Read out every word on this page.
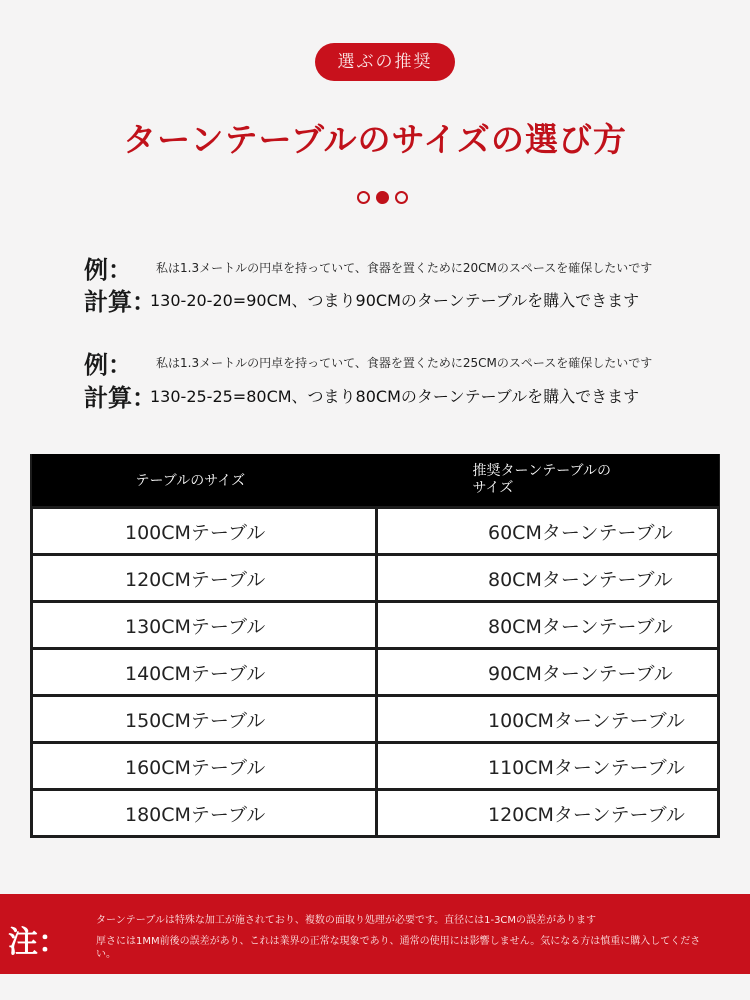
選ぶの推奨
ターンテーブルのサイズの選び方
例：	私は1.3メートルの円卓を持っていて、食器を置くために20CMのスペースを確保したいです
計算：
130-20-20=90CM、つまり90CMのターンテーブルを購入できます
例：	私は1.3メートルの円卓を持っていて、食器を置くために25CMのスペースを確保したいです
計算：
130-25-25=80CM、つまり80CMのターンテーブルを購入できます
テーブルのサイズ	推奨ターンテーブルの
サイズ
100CMテーブル	60CMターンテーブル
120CMテーブル	80CMターンテーブル
130CMテーブル	80CMターンテーブル
140CMテーブル	90CMターンテーブル
150CMテーブル	100CMターンテーブル
160CMテーブル	110CMターンテーブル
180CMテーブル	120CMターンテーブル
注：

ターンテーブルは特殊な加工が施されており、複数の面取り処理が必要です。直径には1-3CMの誤差があります

厚さには1MM前後の誤差があり、これは業界の正常な現象であり、通常の使用には影響しません。気になる方は慎重に購入してください。
